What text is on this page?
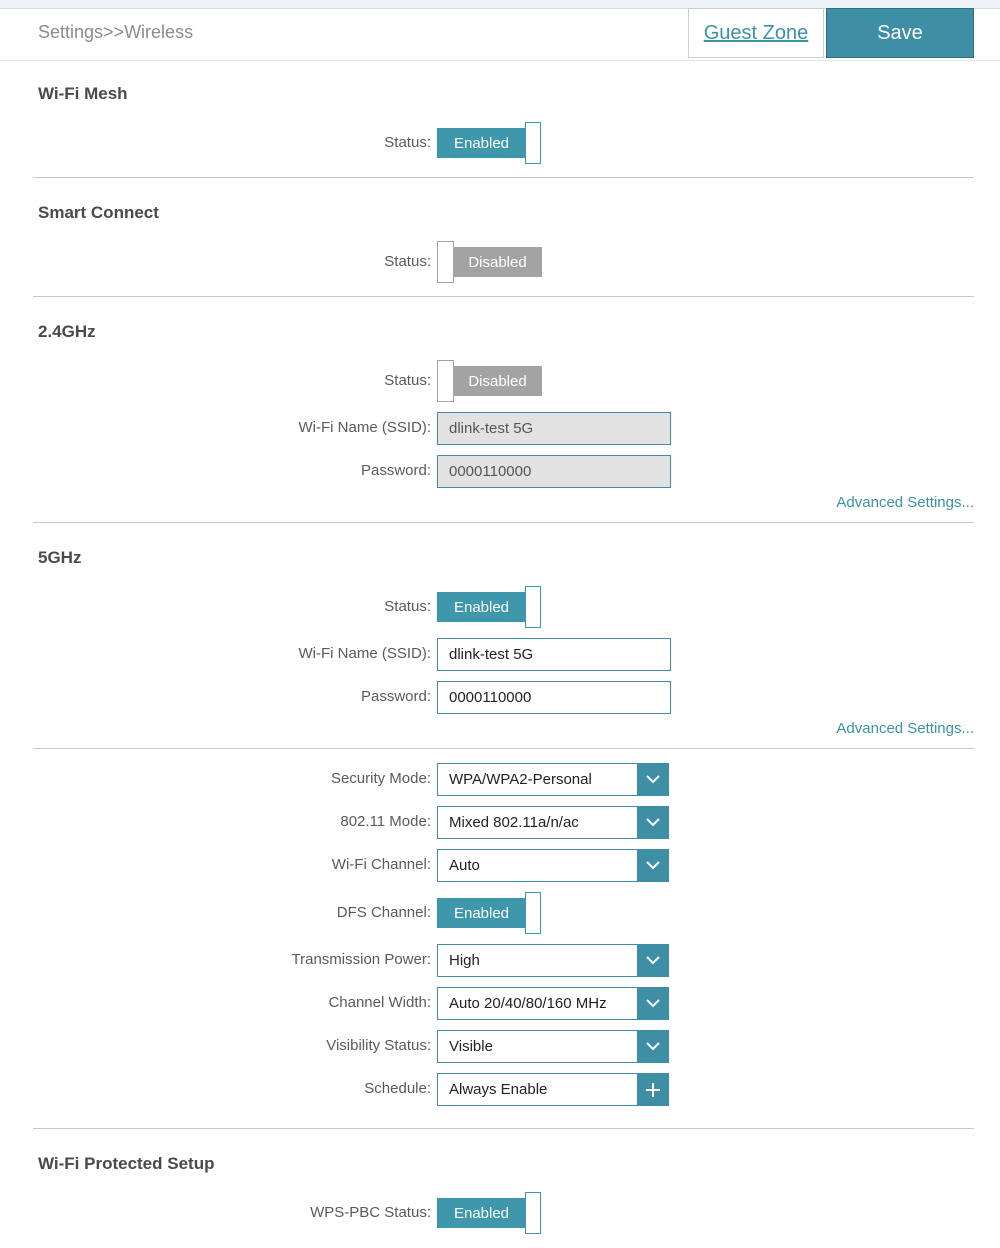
Settings>>Wireless	Guest Zone	Save
Wi-Fi Mesh
Status:	Enabled
Smart Connect
Status:	Disabled
2.4GHz
Status:	Disabled
Wi-Fi Name (SSID):	dlink-test 5G
Password:	0000110000
Advanced Settings...
5GHz
Status:	Enabled
Wi-Fi Name (SSID):	dlink-test 5G
Password:	0000110000
Advanced Settings...
Security Mode: WPA/WPA2-Personal
802.11 Mode: Mixed 802.11a/n/ac
Wi-Fi Channel: Auto
DFS Channel:	Enabled
Transmission Power: High
Channel Width: Auto 20/40/80/160 MHz
Visibility Status: Visible
Schedule: Always Enable
Wi-Fi Protected Setup
WPS-PBC Status:	Enabled
